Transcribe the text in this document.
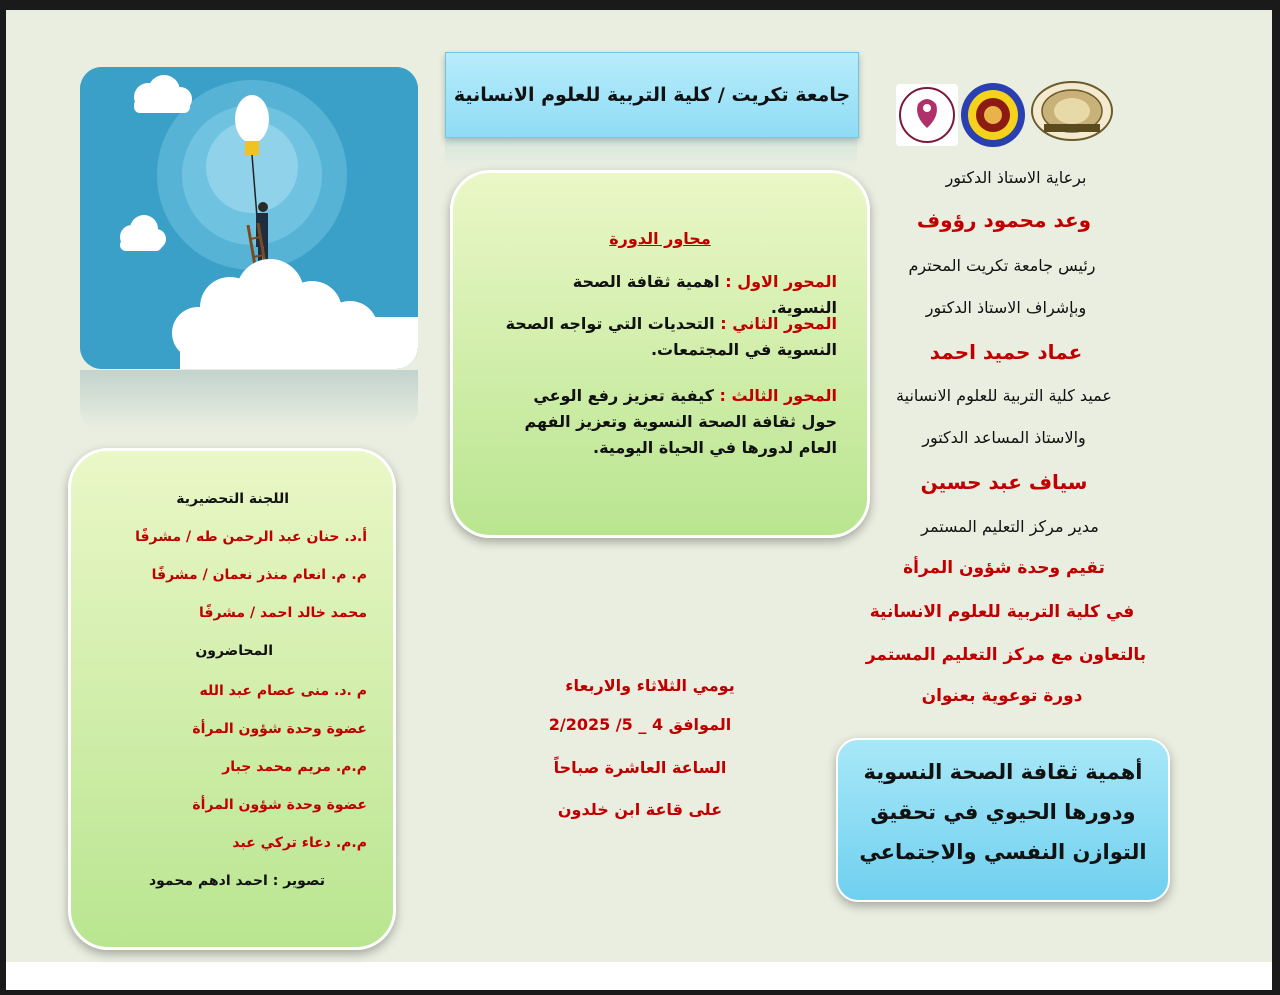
جامعة تكريت / كلية التربية للعلوم الانسانية
محاور الدورة
المحور الاول : اهمية ثقافة الصحة النسوية.
المحور الثاني : التحديات التي تواجه الصحة النسوية في المجتمعات.
المحور الثالث : كيفية تعزيز رفع الوعي حول ثقافة الصحة النسوية وتعزيز الفهم العام لدورها في الحياة اليومية.
برعاية الاستاذ الدكتور
وعد محمود رؤوف
رئيس جامعة تكريت المحترم
وبإشراف الاستاذ الدكتور
عماد حميد احمد
عميد كلية التربية للعلوم الانسانية
والاستاذ المساعد الدكتور
سياف عبد حسين
مدير مركز التعليم المستمر
تقيم وحدة شؤون المرأة
في كلية التربية للعلوم الانسانية
بالتعاون مع مركز التعليم المستمر
دورة توعوية بعنوان
أهمية ثقافة الصحة النسوية
ودورها الحيوي في تحقيق
التوازن النفسي والاجتماعي
يومي الثلاثاء والاربعاء
الموافق 4 _ 5/ 2/2025
الساعة العاشرة صباحاً
على قاعة ابن خلدون
اللجنة التحضيرية
أ.د. حنان عبد الرحمن طه / مشرفًا
م. م. انعام منذر نعمان / مشرفًا
محمد خالد احمد / مشرفًا
المحاضرون
م .د. منى عصام عبد الله
عضوة وحدة شؤون المرأة
م.م. مريم محمد جبار
عضوة وحدة شؤون المرأة
م.م. دعاء تركي عبد
تصوير : احمد ادهم محمود
